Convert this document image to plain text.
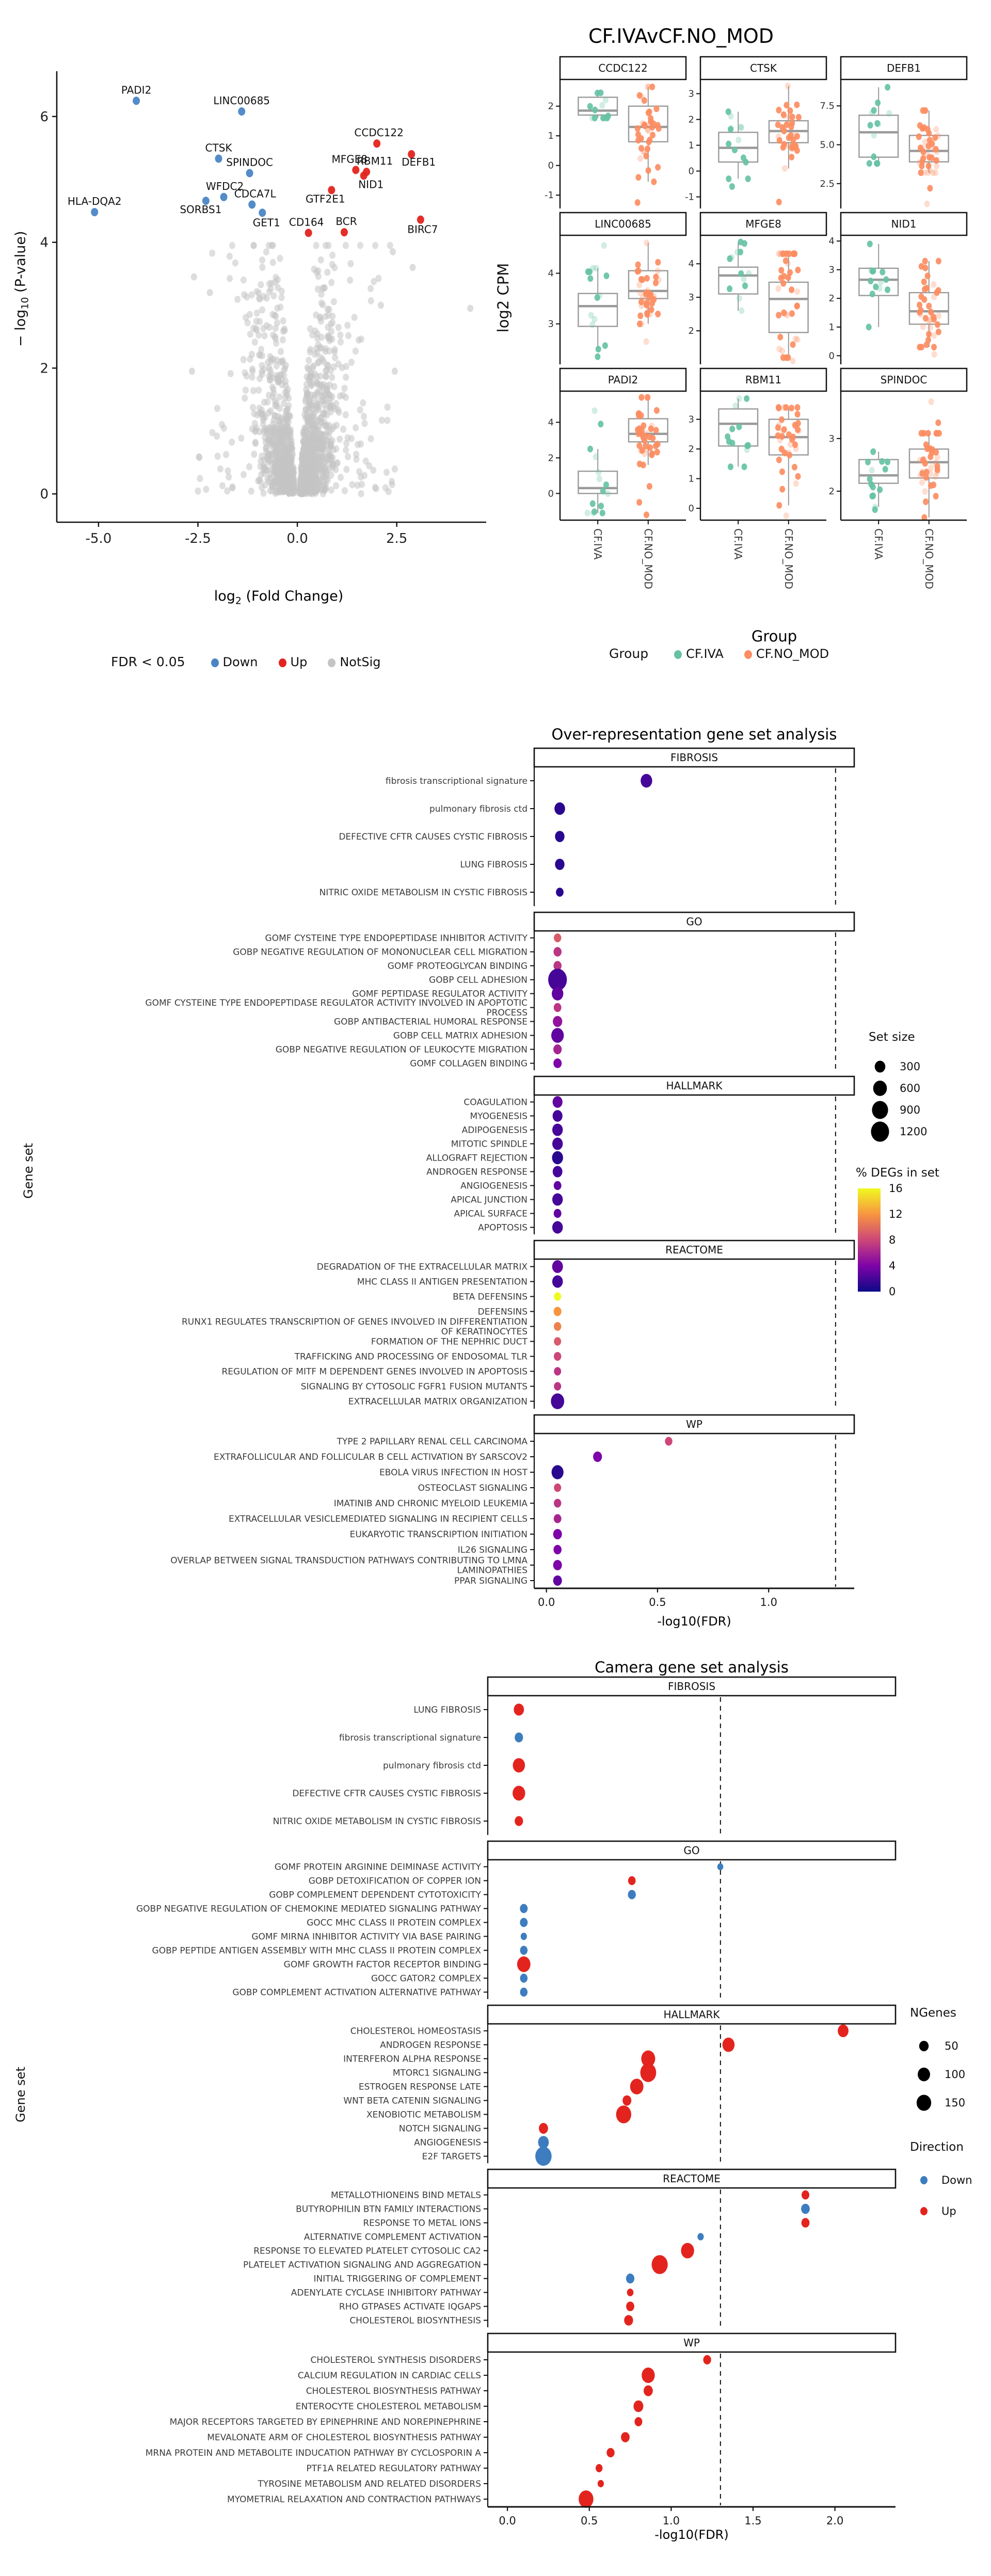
0
2
4
6
-5.0	-2.5	0.0	2.5
PADI2
LINC00685
CCDC122
DEFB1
CTSK
MFGE8
RBM11
NID1
SPINDOC
GTF2E1
WFDC2
SORBS1
CDCA7L
GET1
HLA-DQA2
BIRC7
CD164 BCR
− $\log_{10}$ (P-value)
$\log_2$ (Fold Change)
FDR < 0.05	Down	Up	NotSig
CF.IVAvCF.NO_MOD
CCDC122
-1
0
1
2
CTSK
-1
0
1
2
3
DEFB1
2.5
5.0
7.5
LINC00685
3
4
MFGE8
2
3
4
NID1
0
1
2
3
4
PADI2
0
2
4
CF.IVA	CF.NO_MOD
RBM11
0
1
2
3
CF.IVA	CF.NO_MOD
SPINDOC
2
3
CF.IVA	CF.NO_MOD
log2 CPM
Group
Group	CF.IVA	CF.NO_MOD
Over-representation gene set analysis
FIBROSIS
fibrosis transcriptional signature
pulmonary fibrosis ctd
DEFECTIVE CFTR CAUSES CYSTIC FIBROSIS
LUNG FIBROSIS
NITRIC OXIDE METABOLISM IN CYSTIC FIBROSIS
GO
GOMF CYSTEINE TYPE ENDOPEPTIDASE INHIBITOR ACTIVITY
GOBP NEGATIVE REGULATION OF MONONUCLEAR CELL MIGRATION
GOMF PROTEOGLYCAN BINDING
GOBP CELL ADHESION
GOMF PEPTIDASE REGULATOR ACTIVITY
GOMF CYSTEINE TYPE ENDOPEPTIDASE REGULATOR ACTIVITY INVOLVED IN APOPTOTIC
PROCESS
GOBP ANTIBACTERIAL HUMORAL RESPONSE
GOBP CELL MATRIX ADHESION
GOBP NEGATIVE REGULATION OF LEUKOCYTE MIGRATION
GOMF COLLAGEN BINDING
HALLMARK
COAGULATION
MYOGENESIS
ADIPOGENESIS
MITOTIC SPINDLE
ALLOGRAFT REJECTION
ANDROGEN RESPONSE
ANGIOGENESIS
APICAL JUNCTION
APICAL SURFACE
APOPTOSIS
REACTOME
DEGRADATION OF THE EXTRACELLULAR MATRIX
MHC CLASS II ANTIGEN PRESENTATION
BETA DEFENSINS
DEFENSINS
RUNX1 REGULATES TRANSCRIPTION OF GENES INVOLVED IN DIFFERENTIATION
OF KERATINOCYTES
FORMATION OF THE NEPHRIC DUCT
TRAFFICKING AND PROCESSING OF ENDOSOMAL TLR
REGULATION OF MITF M DEPENDENT GENES INVOLVED IN APOPTOSIS
SIGNALING BY CYTOSOLIC FGFR1 FUSION MUTANTS
EXTRACELLULAR MATRIX ORGANIZATION
WP
TYPE 2 PAPILLARY RENAL CELL CARCINOMA
EXTRAFOLLICULAR AND FOLLICULAR B CELL ACTIVATION BY SARSCOV2
EBOLA VIRUS INFECTION IN HOST
OSTEOCLAST SIGNALING
IMATINIB AND CHRONIC MYELOID LEUKEMIA
EXTRACELLULAR VESICLEMEDIATED SIGNALING IN RECIPIENT CELLS
EUKARYOTIC TRANSCRIPTION INITIATION
IL26 SIGNALING
OVERLAP BETWEEN SIGNAL TRANSDUCTION PATHWAYS CONTRIBUTING TO LMNA
LAMINOPATHIES
PPAR SIGNALING
0.0	0.5	1.0
Set size
300
600
900
1200
% DEGs in set
16
12
8
4
0
Gene set
-log10(FDR)
Camera gene set analysis
FIBROSIS
LUNG FIBROSIS
fibrosis transcriptional signature
pulmonary fibrosis ctd
DEFECTIVE CFTR CAUSES CYSTIC FIBROSIS
NITRIC OXIDE METABOLISM IN CYSTIC FIBROSIS
GO
GOMF PROTEIN ARGININE DEIMINASE ACTIVITY
GOBP DETOXIFICATION OF COPPER ION
GOBP COMPLEMENT DEPENDENT CYTOTOXICITY
GOBP NEGATIVE REGULATION OF CHEMOKINE MEDIATED SIGNALING PATHWAY
GOCC MHC CLASS II PROTEIN COMPLEX
GOMF MIRNA INHIBITOR ACTIVITY VIA BASE PAIRING
GOBP PEPTIDE ANTIGEN ASSEMBLY WITH MHC CLASS II PROTEIN COMPLEX
GOMF GROWTH FACTOR RECEPTOR BINDING
GOCC GATOR2 COMPLEX
GOBP COMPLEMENT ACTIVATION ALTERNATIVE PATHWAY
HALLMARK
CHOLESTEROL HOMEOSTASIS
ANDROGEN RESPONSE
INTERFERON ALPHA RESPONSE
MTORC1 SIGNALING
ESTROGEN RESPONSE LATE
WNT BETA CATENIN SIGNALING
XENOBIOTIC METABOLISM
NOTCH SIGNALING
ANGIOGENESIS
E2F TARGETS
REACTOME
METALLOTHIONEINS BIND METALS
BUTYROPHILIN BTN FAMILY INTERACTIONS
RESPONSE TO METAL IONS
ALTERNATIVE COMPLEMENT ACTIVATION
RESPONSE TO ELEVATED PLATELET CYTOSOLIC CA2
PLATELET ACTIVATION SIGNALING AND AGGREGATION
INITIAL TRIGGERING OF COMPLEMENT
ADENYLATE CYCLASE INHIBITORY PATHWAY
RHO GTPASES ACTIVATE IQGAPS
CHOLESTEROL BIOSYNTHESIS
WP
CHOLESTEROL SYNTHESIS DISORDERS
CALCIUM REGULATION IN CARDIAC CELLS
CHOLESTEROL BIOSYNTHESIS PATHWAY
ENTEROCYTE CHOLESTEROL METABOLISM
MAJOR RECEPTORS TARGETED BY EPINEPHRINE AND NOREPINEPHRINE
MEVALONATE ARM OF CHOLESTEROL BIOSYNTHESIS PATHWAY
MRNA PROTEIN AND METABOLITE INDUCATION PATHWAY BY CYCLOSPORIN A
PTF1A RELATED REGULATORY PATHWAY
TYROSINE METABOLISM AND RELATED DISORDERS
MYOMETRIAL RELAXATION AND CONTRACTION PATHWAYS
0.0	0.5	1.0	1.5	2.0
NGenes
50
100
150
Direction
Down
Up
Gene set
-log10(FDR)
